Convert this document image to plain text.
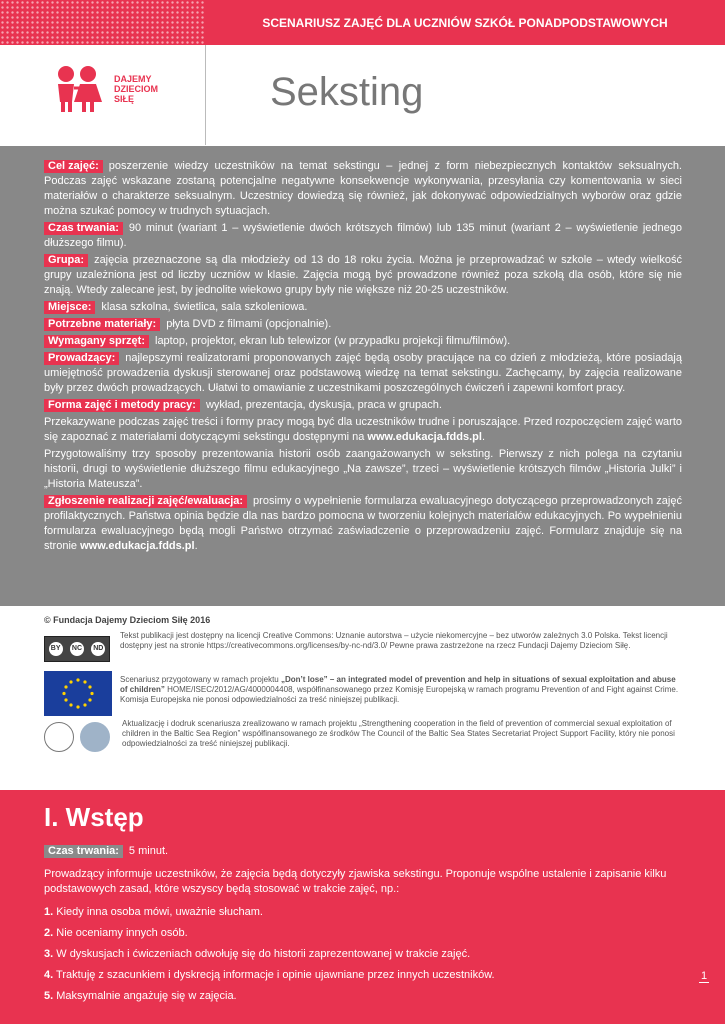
SCENARIUSZ ZAJĘĆ DLA UCZNIÓW SZKÓŁ PONADPODSTAWOWYCH
DAJEMY
DZIECIOM
SIŁĘ	Seksting
Cel zajęć: poszerzenie wiedzy uczestników na temat sekstingu – jednej z form niebezpiecznych kontaktów seksualnych. Podczas zajęć wskazane zostaną potencjalne negatywne konsekwencje wykonywania, przesyłania czy komentowania w sieci materiałów o charakterze seksualnym. Uczestnicy dowiedzą się również, jak dokonywać odpowiedzialnych wyborów oraz gdzie można szukać pomocy w trudnych sytuacjach.
Czas trwania: 90 minut (wariant 1 – wyświetlenie dwóch krótszych filmów) lub 135 minut (wariant 2 – wyświetlenie jednego dłuższego filmu).
Grupa: zajęcia przeznaczone są dla młodzieży od 13 do 18 roku życia. Można je przeprowadzać w szkole – wtedy wielkość grupy uzależniona jest od liczby uczniów w klasie. Zajęcia mogą być prowadzone również poza szkołą dla osób, które się nie znają. Wtedy zalecane jest, by jednolite wiekowo grupy były nie większe niż 20-25 uczestników.
Miejsce: klasa szkolna, świetlica, sala szkoleniowa.
Potrzebne materiały: płyta DVD z filmami (opcjonalnie).
Wymagany sprzęt: laptop, projektor, ekran lub telewizor (w przypadku projekcji filmu/filmów).
Prowadzący: najlepszymi realizatorami proponowanych zajęć będą osoby pracujące na co dzień z młodzieżą, które posiadają umiejętność prowadzenia dyskusji sterowanej oraz podstawową wiedzę na temat sekstingu. Zachęcamy, by zajęcia realizowane były przez dwóch prowadzących. Ułatwi to omawianie z uczestnikami poszczególnych ćwiczeń i zapewni komfort pracy.
Forma zajęć i metody pracy: wykład, prezentacja, dyskusja, praca w grupach.
Przekazywane podczas zajęć treści i formy pracy mogą być dla uczestników trudne i poruszające. Przed rozpoczęciem zajęć warto się zapoznać z materiałami dotyczącymi sekstingu dostępnymi na www.edukacja.fdds.pl.
Przygotowaliśmy trzy sposoby prezentowania historii osób zaangażowanych w seksting. Pierwszy z nich polega na czytaniu historii, drugi to wyświetlenie dłuższego filmu edukacyjnego „Na zawsze”, trzeci – wyświetlenie krótszych filmów „Historia Julki” i „Historia Mateusza”.
Zgłoszenie realizacji zajęć/ewaluacja: prosimy o wypełnienie formularza ewaluacyjnego dotyczącego przeprowadzonych zajęć profilaktycznych. Państwa opinia będzie dla nas bardzo pomocna w tworzeniu kolejnych materiałów edukacyjnych. Po wypełnieniu formularza ewaluacyjnego będą mogli Państwo otrzymać zaświadczenie o przeprowadzeniu zajęć. Formularz znajduje się na stronie www.edukacja.fdds.pl.
© Fundacja Dajemy Dzieciom Siłę 2016
BY	NC ND
Tekst publikacji jest dostępny na licencji Creative Commons: Uznanie autorstwa – użycie niekomercyjne – bez utworów zależnych 3.0 Polska. Tekst licencji dostępny jest na stronie https://creativecommons.org/licenses/by-nc-nd/3.0/ Pewne prawa zastrzeżone na rzecz Fundacji Dajemy Dzieciom Siłę.
Scenariusz przygotowany w ramach projektu „Don’t lose” – an integrated model of prevention and help in situations of sexual exploitation and abuse of children” HOME/ISEC/2012/AG/4000004408, współfinansowanego przez Komisję Europejską w ramach programu Prevention of and Fight against Crime. Komisja Europejska nie ponosi odpowiedzialności za treść niniejszej publikacji.
Aktualizację i dodruk scenariusza zrealizowano w ramach projektu „Strengthening cooperation in the field of prevention of commercial sexual exploitation of children in the Baltic Sea Region” współfinansowanego ze środków The Council of the Baltic Sea States Secretariat Project Support Facility, który nie ponosi odpowiedzialności za treść niniejszej publikacji.
I. Wstęp
Czas trwania: 5 minut.
Prowadzący informuje uczestników, że zajęcia będą dotyczyły zjawiska sekstingu. Proponuje wspólne ustalenie i zapisanie kilku podstawowych zasad, które wszyscy będą stosować w trakcie zajęć, np.:
1. Kiedy inna osoba mówi, uważnie słucham.
2. Nie oceniamy innych osób.
3. W dyskusjach i ćwiczeniach odwołuję się do historii zaprezentowanej w trakcie zajęć.
4. Traktuję z szacunkiem i dyskrecją informacje i opinie ujawniane przez innych uczestników.
5. Maksymalnie angażuję się w zajęcia.
1
